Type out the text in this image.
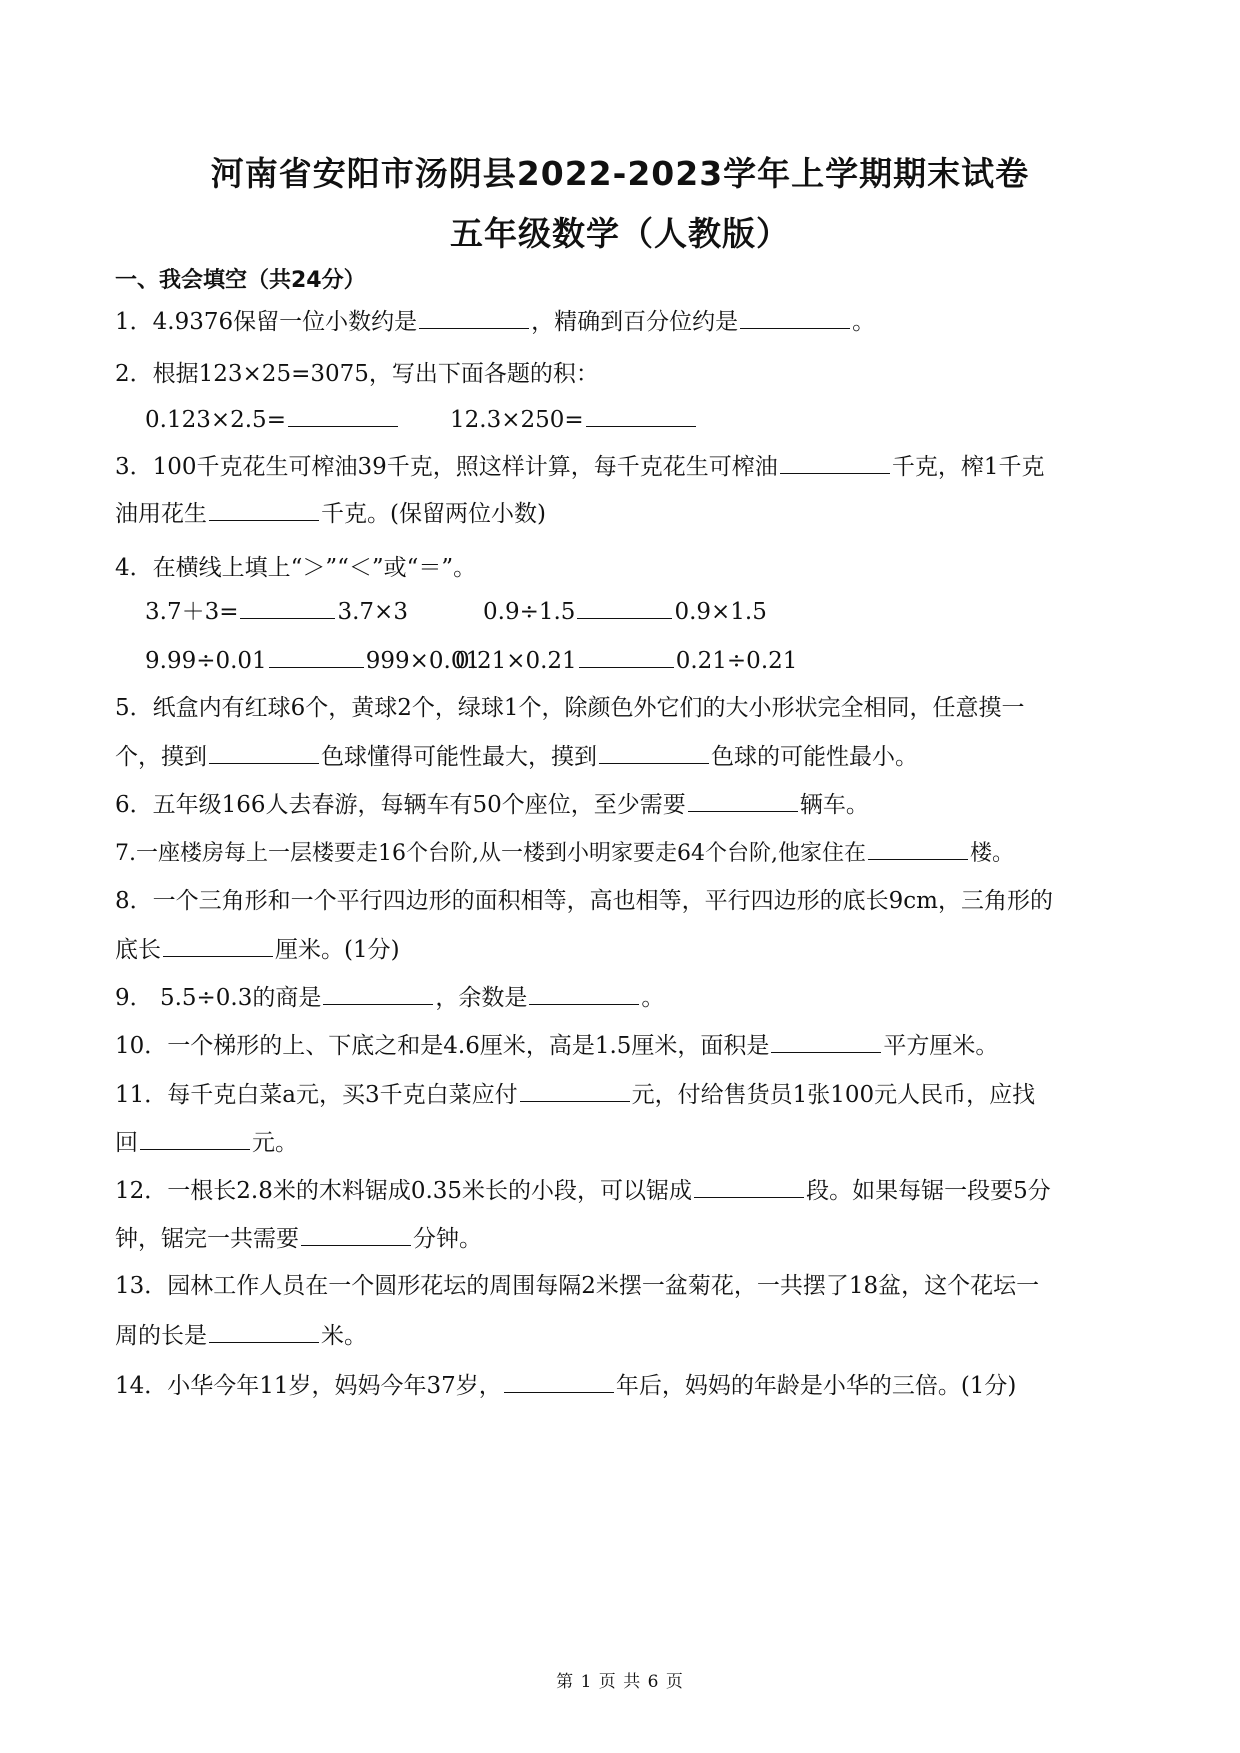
河南省安阳市汤阴县2022-2023学年上学期期末试卷
五年级数学（人教版）
一、我会填空（共24分）
1．4.9376保留一位小数约是	，精确到百分位约是	。
2．根据123×25=3075，写出下面各题的积：
0.123×2.5=	12.3×250=
3．100千克花生可榨油39千克，照这样计算，每千克花生可榨油	千克，榨1千克
油用花生	千克。(保留两位小数)
4．在横线上填上“＞”“＜”或“＝”。
3.7＋3=	3.7×3	0.9÷1.5	0.9×1.5
9.99÷0.01	999×0.010.21×0.21	0.21÷0.21
5．纸盒内有红球6个，黄球2个，绿球1个，除颜色外它们的大小形状完全相同，任意摸一
个，摸到	色球懂得可能性最大，摸到	色球的可能性最小。
6．五年级166人去春游，每辆车有50个座位，至少需要	辆车。
7.一座楼房每上一层楼要走16个台阶,从一楼到小明家要走64个台阶,他家住在	楼。
8．一个三角形和一个平行四边形的面积相等，高也相等，平行四边形的底长9cm，三角形的
底长	厘米。(1分)
9． 5.5÷0.3的商是	，余数是	。
10．一个梯形的上、下底之和是4.6厘米，高是1.5厘米，面积是	平方厘米。
11．每千克白菜a元，买3千克白菜应付	元，付给售货员1张100元人民币，应找
回	元。
12．一根长2.8米的木料锯成0.35米长的小段，可以锯成	段。如果每锯一段要5分
钟，锯完一共需要	分钟。
13．园林工作人员在一个圆形花坛的周围每隔2米摆一盆菊花，一共摆了18盆，这个花坛一
周的长是	米。
14．小华今年11岁，妈妈今年37岁，	年后，妈妈的年龄是小华的三倍。(1分)
第 1 页 共 6 页
